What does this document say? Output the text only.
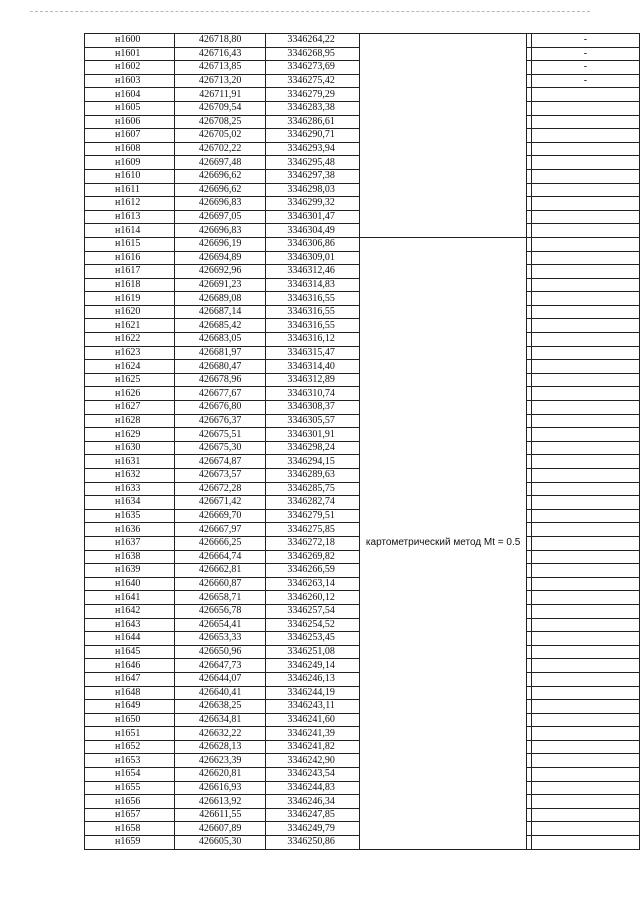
н1600	426718,80	3346264,22			-
н1601	426716,43	3346268,95			-
н1602	426713,85	3346273,69			-
н1603	426713,20	3346275,42			-
н1604	426711,91	3346279,29			
н1605	426709,54	3346283,38			
н1606	426708,25	3346286,61			
н1607	426705,02	3346290,71			
н1608	426702,22	3346293,94			
н1609	426697,48	3346295,48			
н1610	426696,62	3346297,38			
н1611	426696,62	3346298,03			
н1612	426696,83	3346299,32			
н1613	426697,05	3346301,47			
н1614	426696,83	3346304,49			
н1615	426696,19	3346306,86	картометрический метод Mt = 0.5		
н1616	426694,89	3346309,01			
н1617	426692,96	3346312,46			
н1618	426691,23	3346314,83			
н1619	426689,08	3346316,55			
н1620	426687,14	3346316,55			
н1621	426685,42	3346316,55			
н1622	426683,05	3346316,12			
н1623	426681,97	3346315,47			
н1624	426680,47	3346314,40			
н1625	426678,96	3346312,89			
н1626	426677,67	3346310,74			
н1627	426676,80	3346308,37			
н1628	426676,37	3346305,57			
н1629	426675,51	3346301,91			
н1630	426675,30	3346298,24			
н1631	426674,87	3346294,15			
н1632	426673,57	3346289,63			
н1633	426672,28	3346285,75			
н1634	426671,42	3346282,74			
н1635	426669,70	3346279,51			
н1636	426667,97	3346275,85			
н1637	426666,25	3346272,18			
н1638	426664,74	3346269,82			
н1639	426662,81	3346266,59			
н1640	426660,87	3346263,14			
н1641	426658,71	3346260,12			
н1642	426656,78	3346257,54			
н1643	426654,41	3346254,52			
н1644	426653,33	3346253,45			
н1645	426650,96	3346251,08			
н1646	426647,73	3346249,14			
н1647	426644,07	3346246,13			
н1648	426640,41	3346244,19			
н1649	426638,25	3346243,11			
н1650	426634,81	3346241,60			
н1651	426632,22	3346241,39			
н1652	426628,13	3346241,82			
н1653	426623,39	3346242,90			
н1654	426620,81	3346243,54			
н1655	426616,93	3346244,83			
н1656	426613,92	3346246,34			
н1657	426611,55	3346247,85			
н1658	426607,89	3346249,79			
н1659	426605,30	3346250,86			
